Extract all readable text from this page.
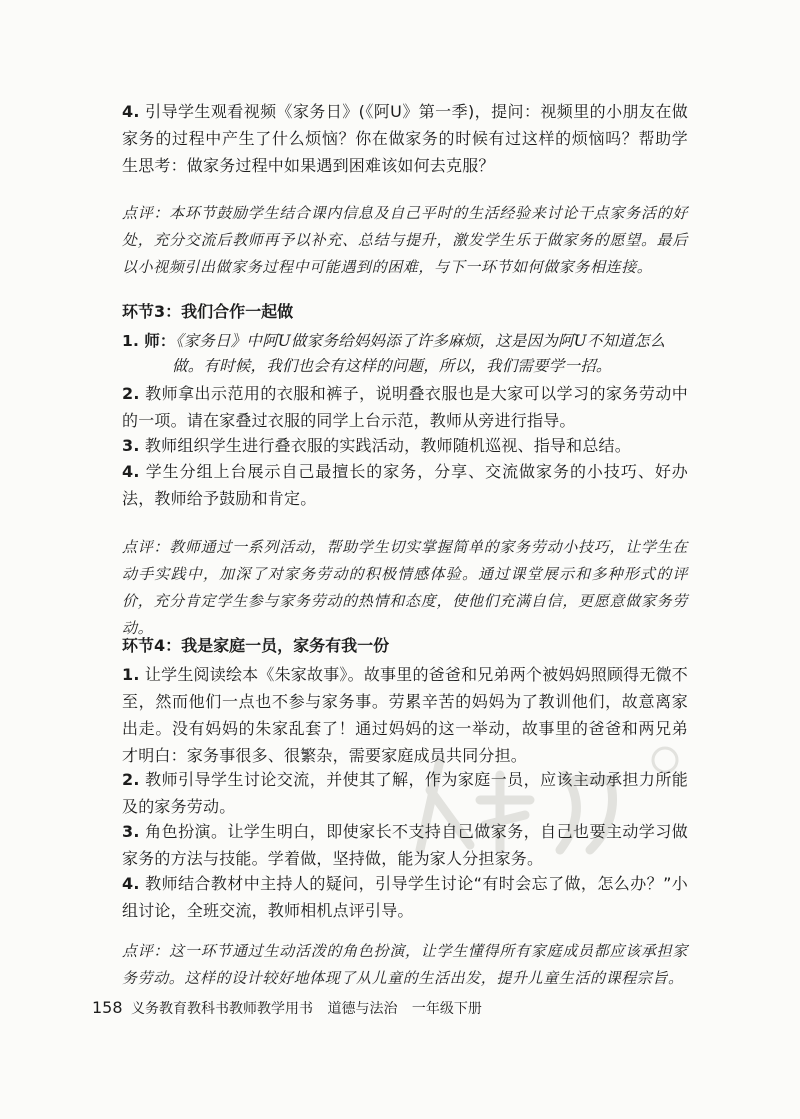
4. 引导学生观看视频《家务日》(《阿U》第一季)，提问：视频里的小朋友在做家务的过程中产生了什么烦恼？你在做家务的时候有过这样的烦恼吗？帮助学生思考：做家务过程中如果遇到困难该如何去克服？

点评：本环节鼓励学生结合课内信息及自己平时的生活经验来讨论干点家务活的好处，充分交流后教师再予以补充、总结与提升，激发学生乐于做家务的愿望。最后以小视频引出做家务过程中可能遇到的困难，与下一环节如何做家务相连接。

环节3：我们合作一起做

1. 师：《家务日》中阿U做家务给妈妈添了许多麻烦，这是因为阿U不知道怎么

做。有时候，我们也会有这样的问题，所以，我们需要学一招。

2. 教师拿出示范用的衣服和裤子，说明叠衣服也是大家可以学习的家务劳动中的一项。请在家叠过衣服的同学上台示范，教师从旁进行指导。

3. 教师组织学生进行叠衣服的实践活动，教师随机巡视、指导和总结。

4. 学生分组上台展示自己最擅长的家务，分享、交流做家务的小技巧、好办法，教师给予鼓励和肯定。

点评：教师通过一系列活动，帮助学生切实掌握简单的家务劳动小技巧，让学生在动手实践中，加深了对家务劳动的积极情感体验。通过课堂展示和多种形式的评价，充分肯定学生参与家务劳动的热情和态度，使他们充满自信，更愿意做家务劳动。

环节4：我是家庭一员，家务有我一份

1. 让学生阅读绘本《朱家故事》。故事里的爸爸和兄弟两个被妈妈照顾得无微不至，然而他们一点也不参与家务事。劳累辛苦的妈妈为了教训他们，故意离家出走。没有妈妈的朱家乱套了！通过妈妈的这一举动，故事里的爸爸和两兄弟才明白：家务事很多、很繁杂，需要家庭成员共同分担。

2. 教师引导学生讨论交流，并使其了解，作为家庭一员，应该主动承担力所能及的家务劳动。

3. 角色扮演。让学生明白，即使家长不支持自己做家务，自己也要主动学习做家务的方法与技能。学着做，坚持做，能为家人分担家务。

4. 教师结合教材中主持人的疑问，引导学生讨论“有时会忘了做，怎么办？”小组讨论，全班交流，教师相机点评引导。

点评：这一环节通过生动活泼的角色扮演，让学生懂得所有家庭成员都应该承担家务劳动。这样的设计较好地体现了从儿童的生活出发，提升儿童生活的课程宗旨。

158 义务教育教科书教师教学用书 道德与法治 一年级下册
